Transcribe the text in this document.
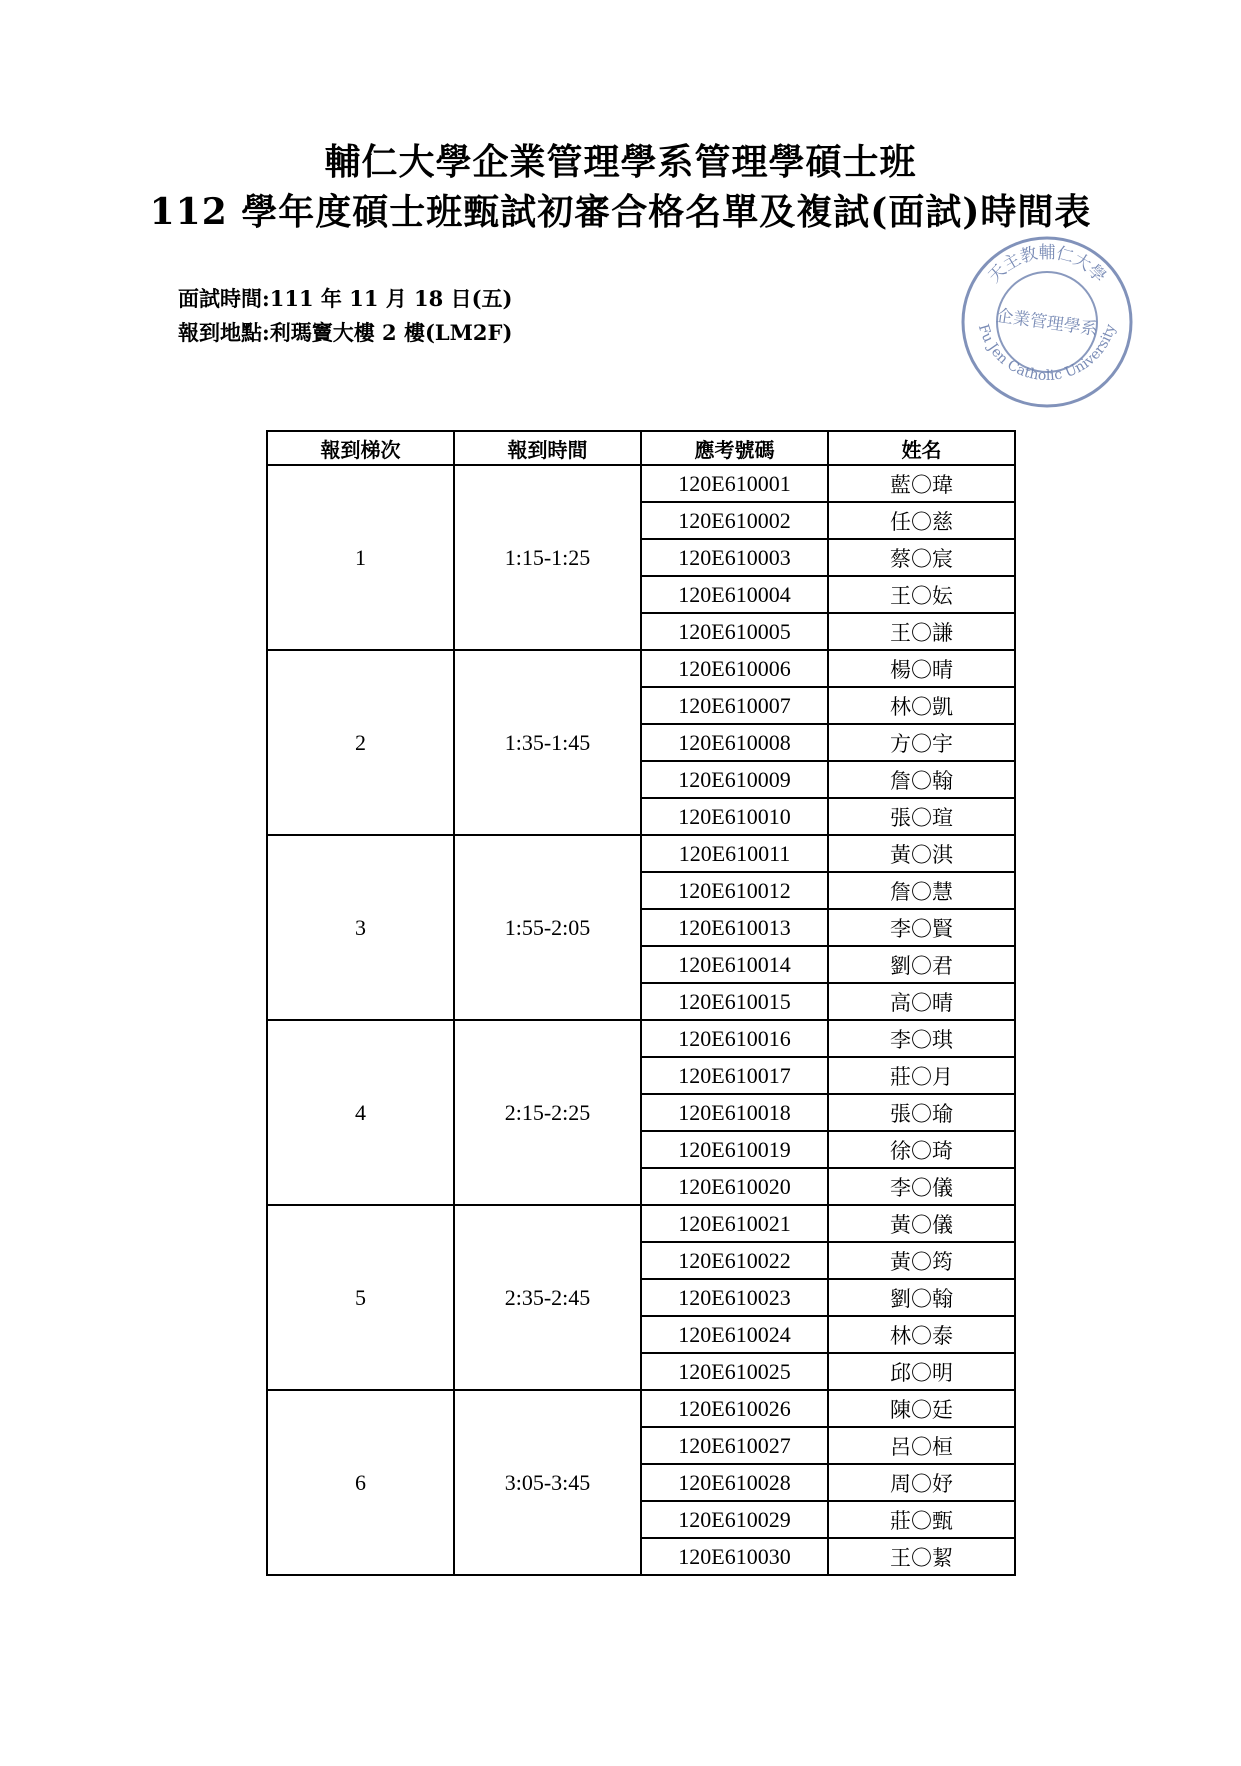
輔仁大學企業管理學系管理學碩士班
112 學年度碩士班甄試初審合格名單及複試(面試)時間表
面試時間:111 年 11 月 18 日(五)
報到地點:利瑪竇大樓 2 樓(LM2F)
天主教輔仁大學
Fu Jen Catholic University
企業管理學系
報到梯次	報到時間	應考號碼	姓名
1	1:15-1:25	120E610001	藍〇瑋
		120E610002	任〇慈
		120E610003	蔡〇宸
		120E610004	王〇妘
		120E610005	王〇謙
2	1:35-1:45	120E610006	楊〇晴
		120E610007	林〇凱
		120E610008	方〇宇
		120E610009	詹〇翰
		120E610010	張〇瑄
3	1:55-2:05	120E610011	黃〇淇
		120E610012	詹〇慧
		120E610013	李〇賢
		120E610014	劉〇君
		120E610015	高〇晴
4	2:15-2:25	120E610016	李〇琪
		120E610017	莊〇月
		120E610018	張〇瑜
		120E610019	徐〇琦
		120E610020	李〇儀
5	2:35-2:45	120E610021	黃〇儀
		120E610022	黃〇筠
		120E610023	劉〇翰
		120E610024	林〇泰
		120E610025	邱〇明
6	3:05-3:45	120E610026	陳〇廷
		120E610027	呂〇桓
		120E610028	周〇妤
		120E610029	莊〇甄
		120E610030	王〇絜
